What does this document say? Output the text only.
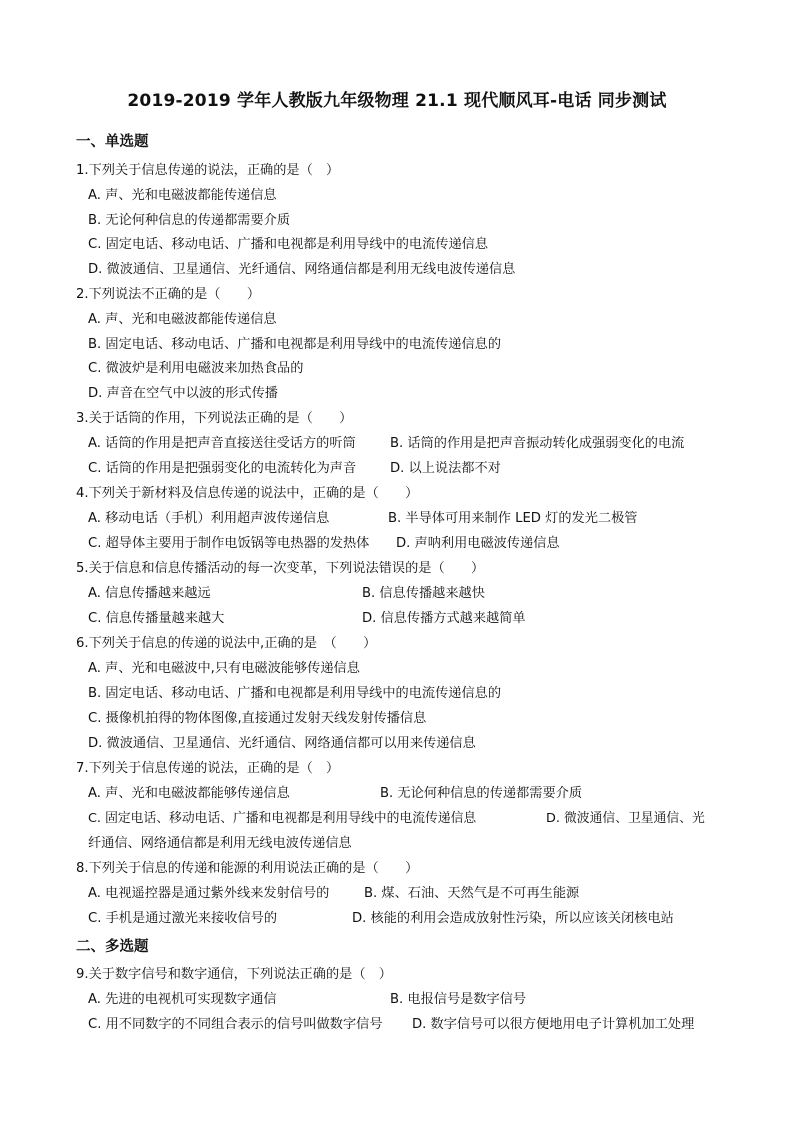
2019-2019 学年人教版九年级物理 21.1 现代顺风耳-电话 同步测试
一、单选题
1.下列关于信息传递的说法，正确的是（　）
A. 声、光和电磁波都能传递信息
B. 无论何种信息的传递都需要介质
C. 固定电话、移动电话、广播和电视都是利用导线中的电流传递信息
D. 微波通信、卫星通信、光纤通信、网络通信都是利用无线电波传递信息
2.下列说法不正确的是（　　）
A. 声、光和电磁波都能传递信息
B. 固定电话、移动电话、广播和电视都是利用导线中的电流传递信息的
C. 微波炉是利用电磁波来加热食品的
D. 声音在空气中以波的形式传播
3.关于话筒的作用，下列说法正确的是（　　）
A. 话筒的作用是把声音直接送往受话方的听筒	B. 话筒的作用是把声音振动转化成强弱变化的电流
C. 话筒的作用是把强弱变化的电流转化为声音	D. 以上说法都不对
4.下列关于新材料及信息传递的说法中，正确的是（　　）
A. 移动电话（手机）利用超声波传递信息	B. 半导体可用来制作 LED 灯的发光二极管
C. 超导体主要用于制作电饭锅等电热器的发热体 D. 声呐利用电磁波传递信息
5.关于信息和信息传播活动的每一次变革，下列说法错误的是（　　）
A. 信息传播越来越远	B. 信息传播越来越快
C. 信息传播量越来越大	D. 信息传播方式越来越简单
6.下列关于信息的传递的说法中,正确的是　（　　）
A. 声、光和电磁波中,只有电磁波能够传递信息
B. 固定电话、移动电话、广播和电视都是利用导线中的电流传递信息的
C. 摄像机拍得的物体图像,直接通过发射天线发射传播信息
D. 微波通信、卫星通信、光纤通信、网络通信都可以用来传递信息
7.下列关于信息传递的说法，正确的是（　）
A. 声、光和电磁波都能够传递信息	B. 无论何种信息的传递都需要介质
C. 固定电话、移动电话、广播和电视都是利用导线中的电流传递信息	D. 微波通信、卫星通信、光
纤通信、网络通信都是利用无线电波传递信息
8.下列关于信息的传递和能源的利用说法正确的是（　　）
A. 电视遥控器是通过紫外线来发射信号的	B. 煤、石油、天然气是不可再生能源
C. 手机是通过激光来接收信号的	D. 核能的利用会造成放射性污染，所以应该关闭核电站
二、多选题
9.关于数字信号和数字通信，下列说法正确的是（　）
A. 先进的电视机可实现数字通信	B. 电报信号是数字信号
C. 用不同数字的不同组合表示的信号叫做数字信号 D. 数字信号可以很方便地用电子计算机加工处理
